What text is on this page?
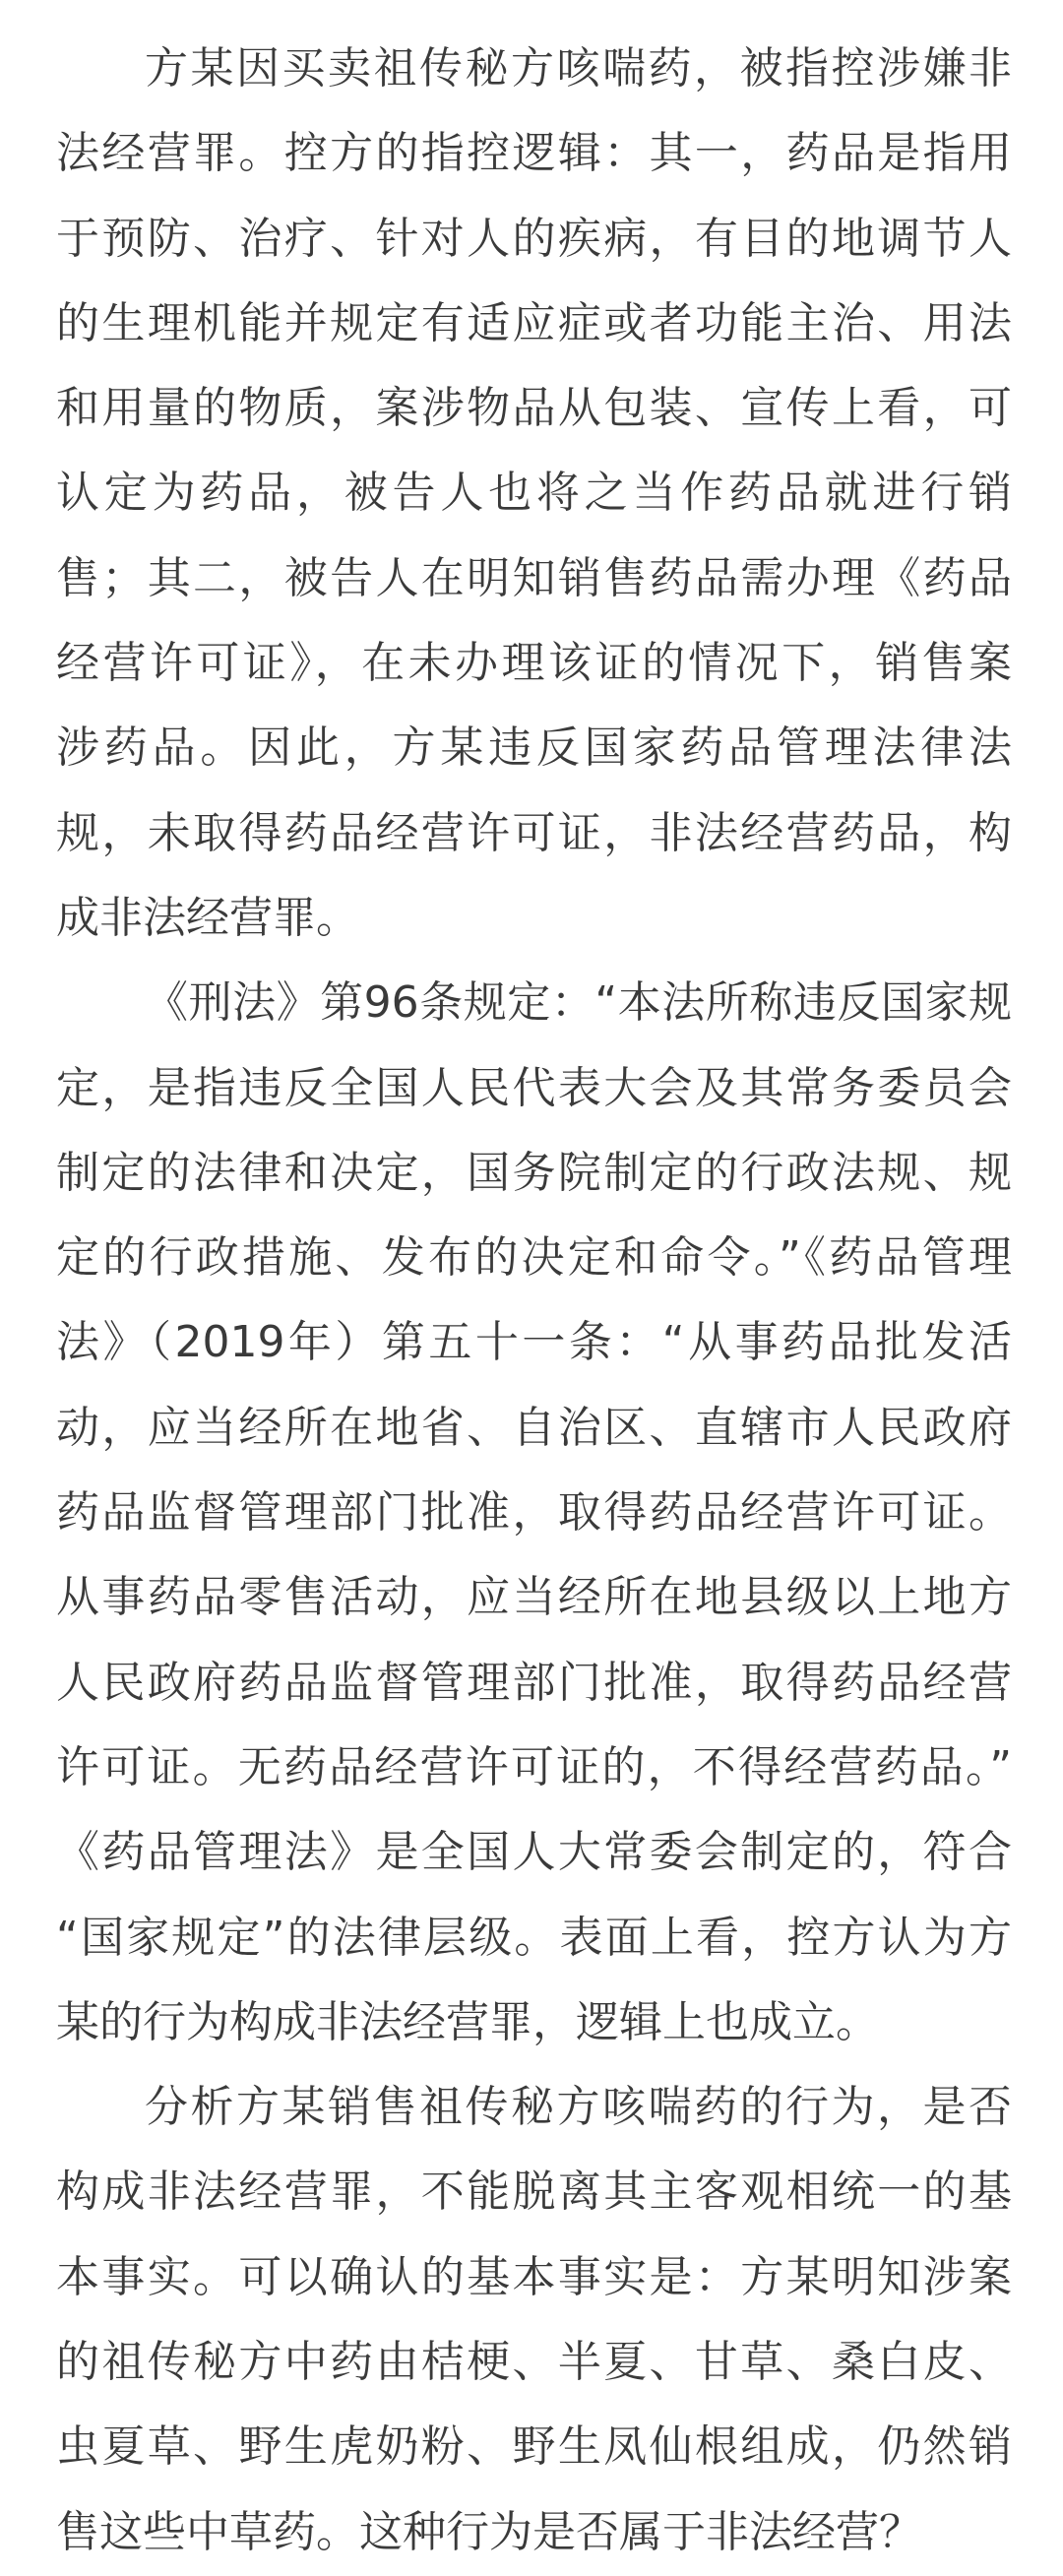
方某因买卖祖传秘方咳喘药，被指控涉嫌非
法经营罪。控方的指控逻辑：其一，药品是指用
于预防、治疗、针对人的疾病，有目的地调节人
的生理机能并规定有适应症或者功能主治、用法
和用量的物质，案涉物品从包装、宣传上看，可
认定为药品，被告人也将之当作药品就进行销
售；其二，被告人在明知销售药品需办理《药品
经营许可证》，在未办理该证的情况下，销售案
涉药品。因此，方某违反国家药品管理法律法
规，未取得药品经营许可证，非法经营药品，构
成非法经营罪。
《刑法》第96条规定：“本法所称违反国家规
定，是指违反全国人民代表大会及其常务委员会
制定的法律和决定，国务院制定的行政法规、规
定的行政措施、发布的决定和命令。”《药品管理
法》（2019年）第五十一条：“从事药品批发活
动，应当经所在地省、自治区、直辖市人民政府
药品监督管理部门批准，取得药品经营许可证。
从事药品零售活动，应当经所在地县级以上地方
人民政府药品监督管理部门批准，取得药品经营
许可证。无药品经营许可证的，不得经营药品。”
《药品管理法》是全国人大常委会制定的，符合
“国家规定”的法律层级。表面上看，控方认为方
某的行为构成非法经营罪，逻辑上也成立。
分析方某销售祖传秘方咳喘药的行为，是否
构成非法经营罪，不能脱离其主客观相统一的基
本事实。可以确认的基本事实是：方某明知涉案
的祖传秘方中药由桔梗、半夏、甘草、桑白皮、
虫夏草、野生虎奶粉、野生凤仙根组成，仍然销
售这些中草药。这种行为是否属于非法经营？
